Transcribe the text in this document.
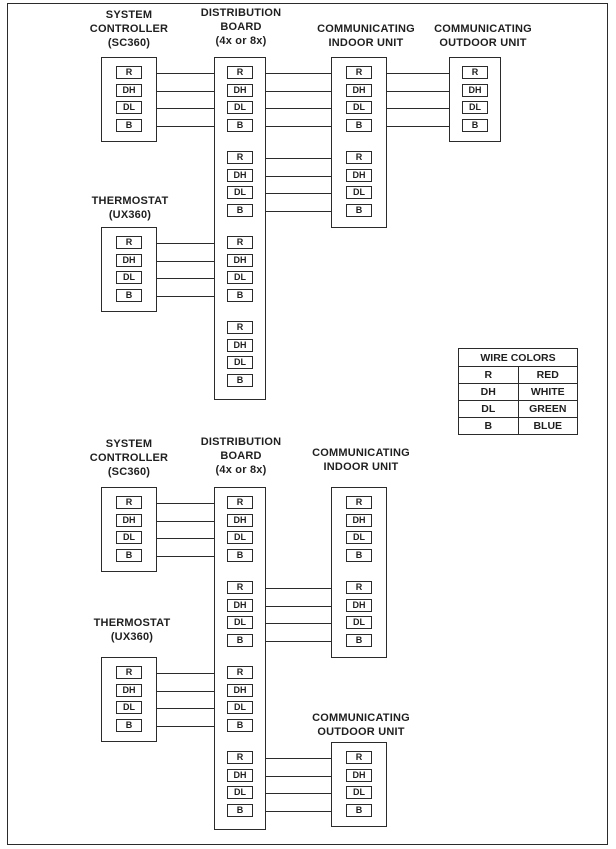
SYSTEM
CONTROLLER
(SC360)
DISTRIBUTION
BOARD
(4x or 8x)
COMMUNICATING
INDOOR UNIT
COMMUNICATING
OUTDOOR UNIT
THERMOSTAT
(UX360)
R
DH
DL
B
R
DH
DL
B
R
DH
DL
B
R
DH
DL
B
R
DH
DL
B
R
DH
DL
B
R
DH
DL
B
R
DH
DL
B
R
DH
DL
B
WIRE COLORS	
R	RED
DH	WHITE
DL	GREEN
B	BLUE
SYSTEM
CONTROLLER
(SC360)
DISTRIBUTION
BOARD
(4x or 8x)
COMMUNICATING
INDOOR UNIT
THERMOSTAT
(UX360)
COMMUNICATING
OUTDOOR UNIT
R
DH
DL
B
R
DH
DL
B
R
DH
DL
B
R
DH
DL
B
R
DH
DL
B
R
DH
DL
B
R
DH
DL
B
R
DH
DL
B
R
DH
DL
B
